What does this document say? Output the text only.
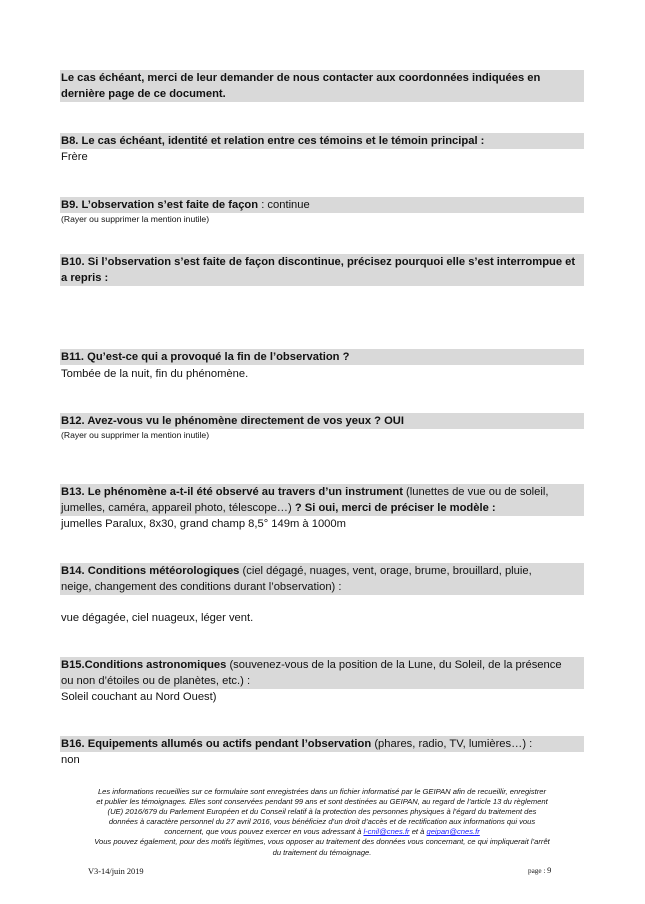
Le cas échéant, merci de leur demander de nous contacter aux coordonnées indiquées en
dernière page de ce document.
B8. Le cas échéant, identité et relation entre ces témoins et le témoin principal :
Frère
B9. L’observation s’est faite de façon : continue
(Rayer ou supprimer la mention inutile)
B10. Si l’observation s’est faite de façon discontinue, précisez pourquoi elle s’est interrompue et
a repris :
B11. Qu’est-ce qui a provoqué la fin de l’observation ?
Tombée de la nuit, fin du phénomène.
B12. Avez-vous vu le phénomène directement de vos yeux ? OUI
(Rayer ou supprimer la mention inutile)
B13. Le phénomène a-t-il été observé au travers d’un instrument (lunettes de vue ou de soleil,
jumelles, caméra, appareil photo, télescope…) ? Si oui, merci de préciser le modèle :
jumelles Paralux, 8x30, grand champ 8,5° 149m à 1000m
B14. Conditions météorologiques (ciel dégagé, nuages, vent, orage, brume, brouillard, pluie,
neige, changement des conditions durant l’observation) :
vue dégagée, ciel nuageux, léger vent.
B15.Conditions astronomiques (souvenez-vous de la position de la Lune, du Soleil, de la présence
ou non d’étoiles ou de planètes, etc.) :
Soleil couchant au Nord Ouest)
B16. Equipements allumés ou actifs pendant l’observation (phares, radio, TV, lumières…) :
non
Les informations recueillies sur ce formulaire sont enregistrées dans un fichier informatisé par le GEIPAN afin de recueillir, enregistrer
et publier les témoignages. Elles sont conservées pendant 99 ans et sont destinées au GEIPAN, au regard de l’article 13 du règlement
(UE) 2016/679 du Parlement Européen et du Conseil relatif à la protection des personnes physiques à l’égard du traitement des
données à caractère personnel du 27 avril 2016, vous bénéficiez d’un droit d’accès et de rectification aux informations qui vous
concernent, que vous pouvez exercer en vous adressant à l-cnil@cnes.fr et à geipan@cnes.fr
Vous pouvez également, pour des motifs légitimes, vous opposer au traitement des données vous concernant, ce qui impliquerait l’arrêt
du traitement du témoignage.
V3-14/juin 2019	page : 9
